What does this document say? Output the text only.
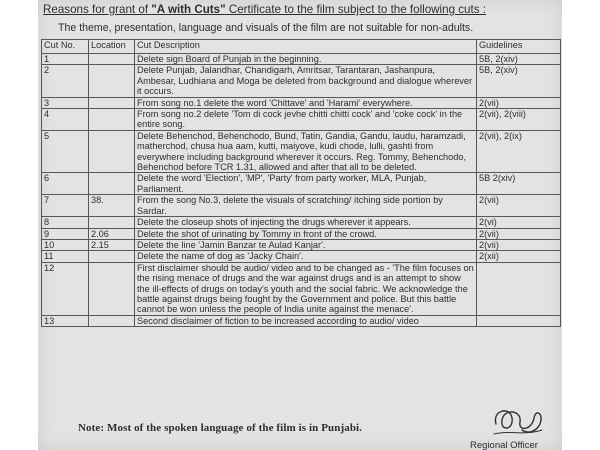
Reasons for grant of "A with Cuts" Certificate to the film subject to the following cuts :
The theme, presentation, language and visuals of the film are not suitable for non-adults.
Cut No.	Location	Cut Description	Guidelines
1		Delete sign Board of Punjab in the beginning.	5B, 2(xiv)
2		Delete Punjab, Jalandhar, Chandigarh, Amritsar, Tarantaran, Jashanpura, Ambesar, Ludhiana and Moga be deleted from background and dialogue wherever it occurs.	5B, 2(xiv)
3		From song no.1 delete the word 'Chittave' and 'Harami' everywhere.	2(vii)
4		From song no.2 delete 'Tom di cock jevhe chitti chitti cock' and 'coke cock' in the entire song.	2(vii), 2(viii)
5		Delete Behenchod, Behenchodo, Bund, Tatin, Gandia, Gandu, laudu, haramzadi, matherchod, chusa hua aam, kutti, maiyove, kudi chode, lulli, gashti from everywhere including background wherever it occurs. Reg. Tommy, Behenchodo, Behenchod before TCR 1.31, allowed and after that all to be deleted.	2(vii), 2(ix)
6		Delete the word 'Election', 'MP', 'Party' from party worker, MLA, Punjab, Parliament.	5B 2(xiv)
7	38.	From the song No.3, delete the visuals of scratching/ itching side portion by Sardar.	2(vii)
8		Delete the closeup shots of injecting the drugs wherever it appears.	2(vi)
9	2.06	Delete the shot of urinating by Tommy in front of the crowd.	2(vii)
10	2.15	Delete the line 'Jamin Banzar te Aulad Kanjar'.	2(vii)
11		Delete the name of dog as 'Jacky Chain'.	2(xii)
12		First disclaimer should be audio/ video and to be changed as - 'The film focuses on the rising menace of drugs and the war against drugs and is an attempt to show the ill-effects of drugs on today's youth and the social fabric. We acknowledge the battle against drugs being fought by the Government and police. But this battle cannot be won unless the people of India unite against the menace'.	
13		Second disclaimer of fiction to be increased according to audio/ video	
Note: Most of the spoken language of the film is in Punjabi.
Regional Officer
